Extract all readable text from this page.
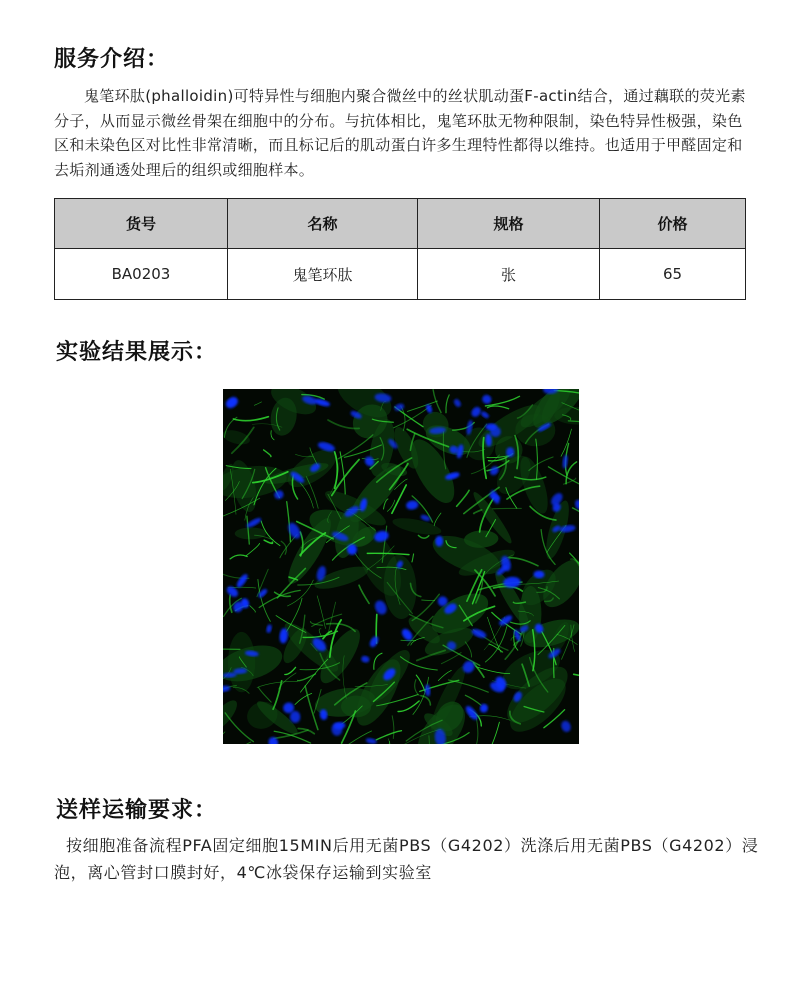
服务介绍：

鬼笔环肽(phalloidin)可特异性与细胞内聚合微丝中的丝状肌动蛋F-actin结合，通过藕联的荧光素分子，从而显示微丝骨架在细胞中的分布。与抗体相比，鬼笔环肽无物种限制，染色特异性极强，染色区和未染色区对比性非常清晰，而且标记后的肌动蛋白许多生理特性都得以维持。也适用于甲醛固定和去垢剂通透处理后的组织或细胞样本。

货号	名称	规格	价格
BA0203	鬼笔环肽	张	65
实验结果展示：
送样运输要求：

按细胞准备流程PFA固定细胞15MIN后用无菌PBS（G4202）洗涤后用无菌PBS（G4202）浸泡，离心管封口膜封好，4℃冰袋保存运输到实验室
